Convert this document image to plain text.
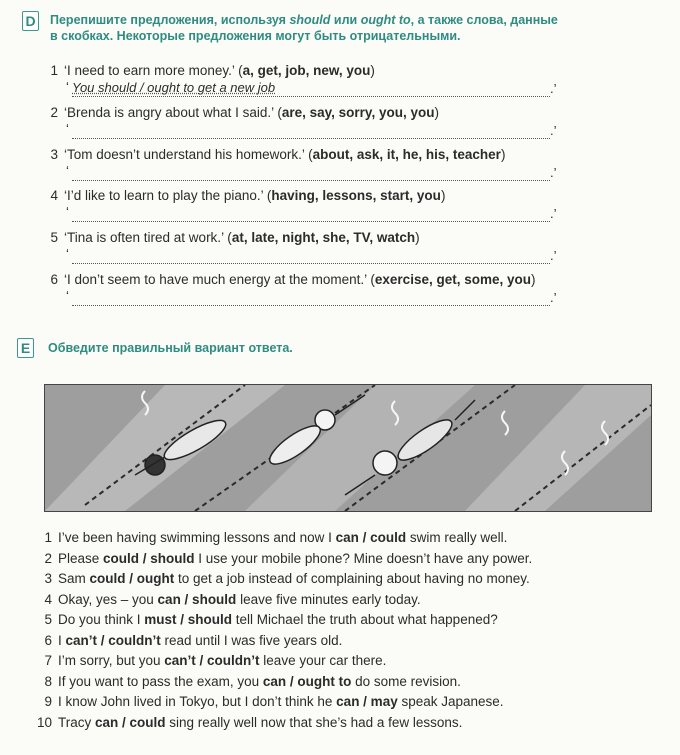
D Перепишите предложения, используя should или ought to, а также слова, данные
в скобках. Некоторые предложения могут быть отрицательными.
1 ‘I need to earn more money.’ (a, get, job, new, you)
‘ You should / ought to get a new job	.’
2 ‘Brenda is angry about what I said.’ (are, say, sorry, you, you)
‘	.’
3 ‘Tom doesn’t understand his homework.’ (about, ask, it, he, his, teacher)
‘	.’
4 ‘I’d like to learn to play the piano.’ (having, lessons, start, you)
‘	.’
5 ‘Tina is often tired at work.’ (at, late, night, she, TV, watch)
‘	.’
6 ‘I don’t seem to have much energy at the moment.’ (exercise, get, some, you)
‘	.’
E	Обведите правильный вариант ответа.
1 I’ve been having swimming lessons and now I can / could swim really well.
2 Please could / should I use your mobile phone? Mine doesn’t have any power.
3 Sam could / ought to get a job instead of complaining about having no money.
4 Okay, yes – you can / should leave five minutes early today.
5 Do you think I must / should tell Michael the truth about what happened?
6 I can’t / couldn’t read until I was five years old.
7 I’m sorry, but you can’t / couldn’t leave your car there.
8 If you want to pass the exam, you can / ought to do some revision.
9 I know John lived in Tokyo, but I don’t think he can / may speak Japanese.
10 Tracy can / could sing really well now that she’s had a few lessons.
